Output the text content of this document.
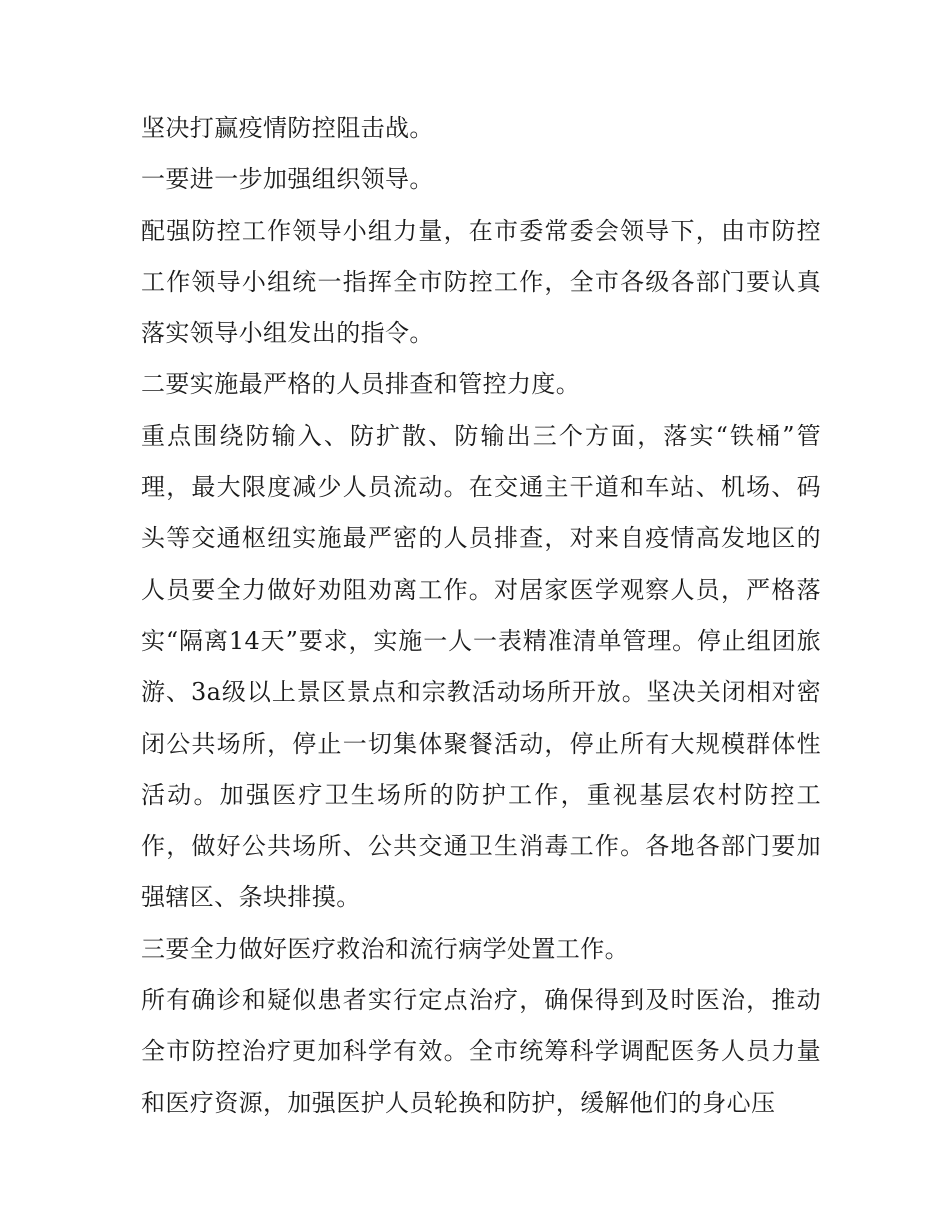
坚决打赢疫情防控阻击战。

一要进一步加强组织领导。

配强防控工作领导小组力量，在市委常委会领导下，由市防控工作领导小组统一指挥全市防控工作，全市各级各部门要认真落实领导小组发出的指令。

二要实施最严格的人员排查和管控力度。

重点围绕防输入、防扩散、防输出三个方面，落实“铁桶”管理，最大限度减少人员流动。在交通主干道和车站、机场、码头等交通枢纽实施最严密的人员排查，对来自疫情高发地区的人员要全力做好劝阻劝离工作。对居家医学观察人员，严格落实“隔离14天”要求，实施一人一表精准清单管理。停止组团旅游、3a级以上景区景点和宗教活动场所开放。坚决关闭相对密闭公共场所，停止一切集体聚餐活动，停止所有大规模群体性活动。加强医疗卫生场所的防护工作，重视基层农村防控工作，做好公共场所、公共交通卫生消毒工作。各地各部门要加强辖区、条块排摸。

三要全力做好医疗救治和流行病学处置工作。

所有确诊和疑似患者实行定点治疗，确保得到及时医治，推动全市防控治疗更加科学有效。全市统筹科学调配医务人员力量和医疗资源，加强医护人员轮换和防护，缓解他们的身心压
